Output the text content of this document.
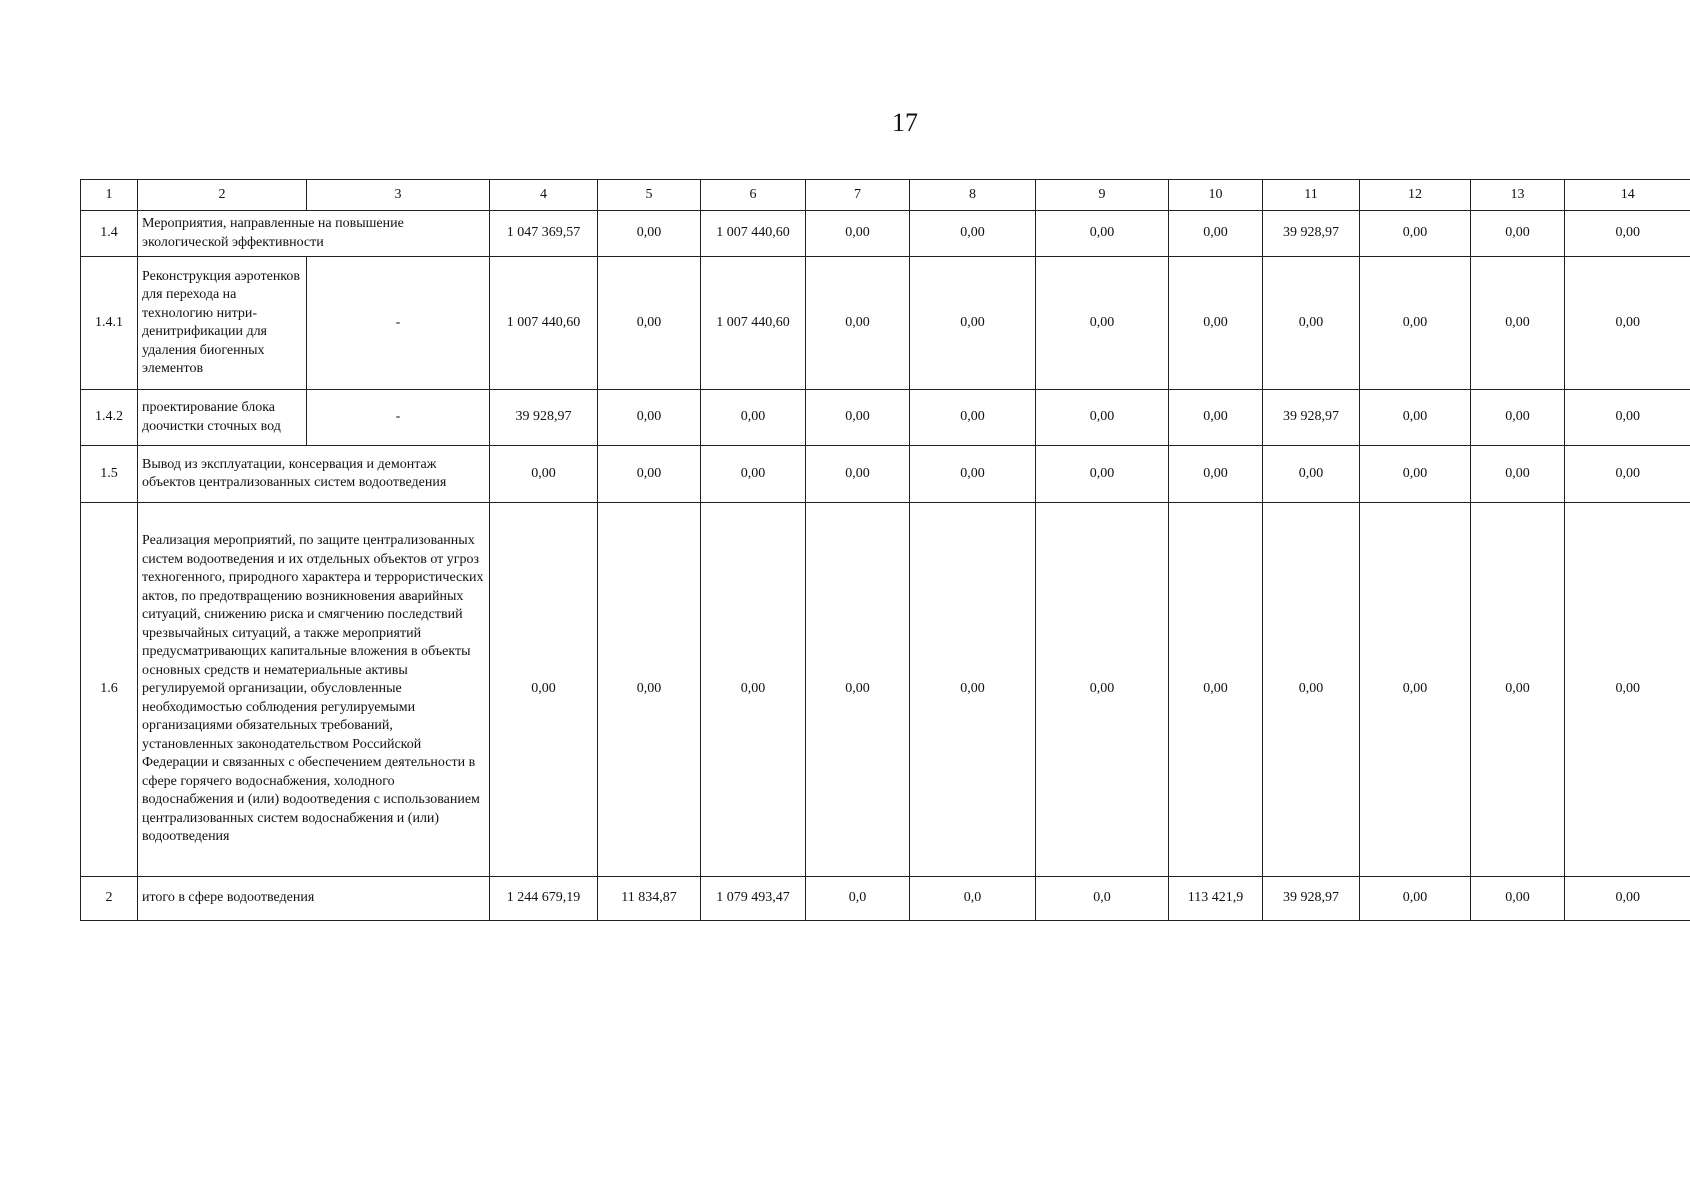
17
1	2	3	4	5	6	7	8	9	10	11	12	13	14
1.4	Мероприятия, направленные на повышение экологической эффективности		1 047 369,57	0,00	1 007 440,60	0,00	0,00	0,00	0,00	39 928,97	0,00	0,00	0,00
1.4.1	Реконструкция аэротенков для перехода на технологию нитри-денитрификации для удаления биогенных элементов	-	1 007 440,60	0,00	1 007 440,60	0,00	0,00	0,00	0,00	0,00	0,00	0,00	0,00
1.4.2	проектирование блока доочистки сточных вод	-	39 928,97	0,00	0,00	0,00	0,00	0,00	0,00	39 928,97	0,00	0,00	0,00
1.5	Вывод из эксплуатации, консервация и демонтаж объектов централизованных систем водоотведения		0,00	0,00	0,00	0,00	0,00	0,00	0,00	0,00	0,00	0,00	0,00
1.6	Реализация мероприятий, по защите централизованных систем водоотведения и их отдельных объектов от угроз техногенного, природного характера и террористических актов, по предотвращению возникновения аварийных ситуаций, снижению риска и смягчению последствий чрезвычайных ситуаций, а также мероприятий предусматривающих капитальные вложения в объекты основных средств и нематериальные активы регулируемой организации, обусловленные необходимостью соблюдения регулируемыми организациями обязательных требований, установленных законодательством Российской Федерации и связанных с обеспечением деятельности в сфере горячего водоснабжения, холодного водоснабжения и (или) водоотведения с использованием централизованных систем водоснабжения и (или) водоотведения		0,00	0,00	0,00	0,00	0,00	0,00	0,00	0,00	0,00	0,00	0,00
2	итого в сфере водоотведения		1 244 679,19	11 834,87	1 079 493,47	0,0	0,0	0,0	113 421,9	39 928,97	0,00	0,00	0,00
